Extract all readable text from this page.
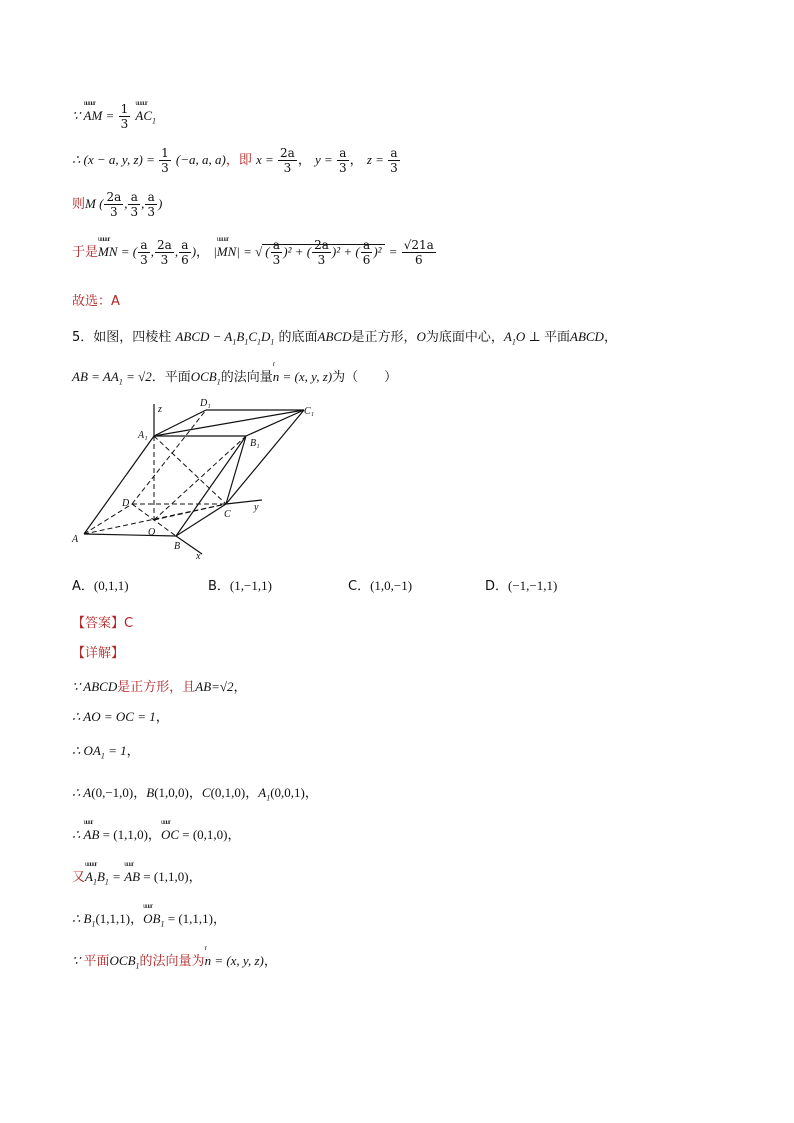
∵ AM
uuuur
= $\frac{1}{3} AC_1$
uuuur
∴ (x − a, y, $z) = \frac{1}{3} (-a$, a, a)，即 $x = \frac{2a}{3}$ ， $y = \frac{a}{3}$ ， $z = \frac{a}{3}$
则M ( $\frac{2a}{3}$ , $\frac{a}{3}$ , $\frac{a}{3}$ )
于是MN
uuuur
= ( $\frac{a}{3}$ , $\frac{2a}{3}$ , $\frac{a}{6}$ )， |MN
uuuur
| = √ ( $\frac{a}{3} )^2$ + ( $\frac{2a}{3} )^2$ + ( $\frac{a}{6} )^2 = \frac{√21a}{6}$
故选：A
5．如图，四棱柱 ABCD − $A_1B_1C_1D_1$ 的底面ABCD是正方形，O为底面中心，$A_1O$ ⊥ 平面ABCD，
AB = $AA_1 = √2$．平面$OCB_1$的法向量n
r
= (x, y, z)为（　　）
z
D₁
C₁
A₁
B₁
D
C
y
O
A
B
x
A．(0,1,1)	B．(1,−1,1)	C．(1,0,−1)	D．(−1,−1,1)
【答案】C
【详解】
∵ ABCD是正方形，且AB=√2，
∴ AO = OC = 1，
∴ $OA_1 = 1$，
∴ A(0,−1,0)，B(1,0,0)，C(0,1,0)，$A_1(0,0,1)$，
∴ AB
uuur
= (1,1,0)，OC
uuur
= (0,1,0)，
又$A_1B_1$
uuuur
= AB
uuur
= (1,1,0)，
∴ $B_1(1,1,1)$，$OB_1$
uuur
= (1,1,1)，
∵ 平面$OCB_1$的法向量为n
r
= (x, y, z)，
